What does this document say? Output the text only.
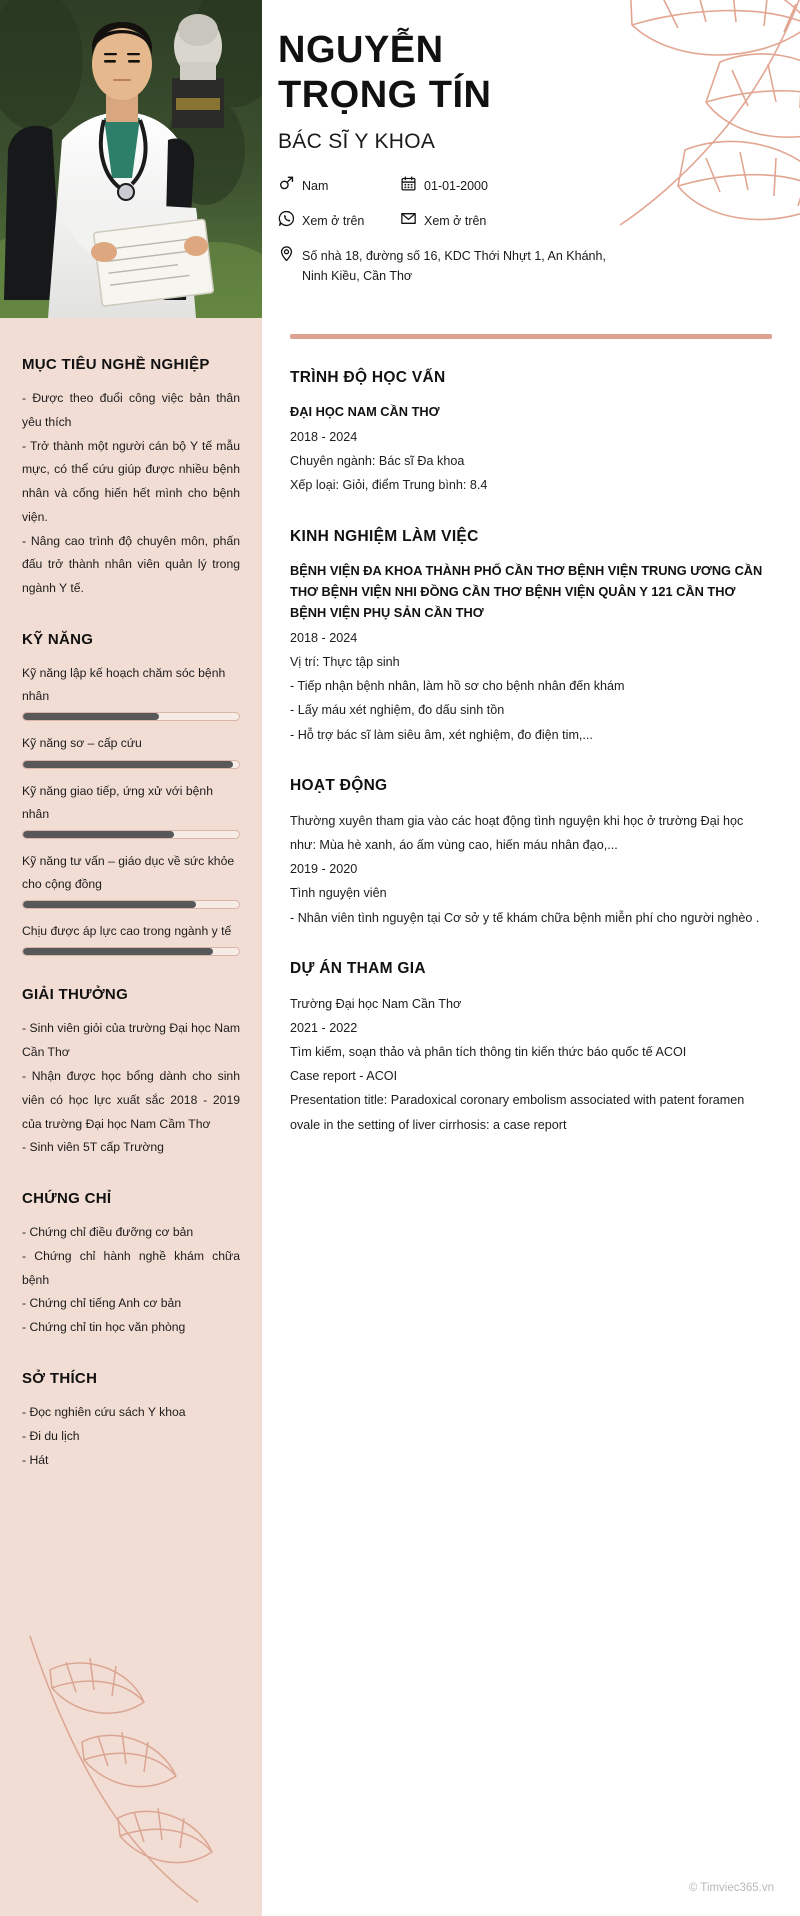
NGUYỄN
TRỌNG TÍN
BÁC SĨ Y KHOA
Nam	01-01-2000
Xem ở trên	Xem ở trên
Số nhà 18, đường số 16, KDC Thới Nhựt 1, An Khánh,
Ninh Kiều, Cần Thơ
MỤC TIÊU NGHỀ NGHIỆP
- Được theo đuổi công việc bản thân yêu thích
- Trở thành một người cán bộ Y tế mẫu mực, có thể cứu giúp được nhiều bệnh nhân và cống hiến hết mình cho bệnh viện.
- Nâng cao trình độ chuyên môn, phấn đấu trở thành nhân viên quản lý trong ngành Y tế.
KỸ NĂNG
Kỹ năng lập kế hoạch chăm sóc bệnh nhân
Kỹ năng sơ – cấp cứu
Kỹ năng giao tiếp, ứng xử với bệnh nhân
Kỹ năng tư vấn – giáo dục về sức khỏe cho cộng đồng
Chịu được áp lực cao trong ngành y tế
GIẢI THƯỞNG
- Sinh viên giỏi của trường Đại học Nam Cần Thơ
- Nhận được học bổng dành cho sinh viên có học lực xuất sắc 2018 - 2019 của trường Đại học Nam Cầm Thơ
- Sinh viên 5T cấp Trường
CHỨNG CHỈ
- Chứng chỉ điều đưỡng cơ bản
- Chứng chỉ hành nghề khám chữa bệnh
- Chứng chỉ tiếng Anh cơ bản
- Chứng chỉ tin học văn phòng
SỞ THÍCH
- Đọc nghiên cứu sách Y khoa
- Đi du lịch
- Hát
TRÌNH ĐỘ HỌC VẤN
ĐẠI HỌC NAM CẦN THƠ
2018 - 2024
Chuyên ngành: Bác sĩ Đa khoa
Xếp loại: Giỏi, điểm Trung bình: 8.4
KINH NGHIỆM LÀM VIỆC
BỆNH VIỆN ĐA KHOA THÀNH PHỐ CẦN THƠ BỆNH VIỆN TRUNG ƯƠNG CẦN THƠ BỆNH VIỆN NHI ĐỒNG CẦN THƠ BỆNH VIỆN QUÂN Y 121 CẦN THƠ BỆNH VIỆN PHỤ SẢN CẦN THƠ
2018 - 2024
Vị trí: Thực tập sinh
- Tiếp nhận bệnh nhân, làm hồ sơ cho bệnh nhân đến khám
- Lấy máu xét nghiệm, đo dấu sinh tồn
- Hỗ trợ bác sĩ làm siêu âm, xét nghiệm, đo điện tim,...
HOẠT ĐỘNG
Thường xuyên tham gia vào các hoạt động tình nguyện khi học ở trường Đại học như: Mùa hè xanh, áo ấm vùng cao, hiến máu nhân đạo,...
2019 - 2020
Tình nguyện viên
- Nhân viên tình nguyện tại Cơ sở y tế khám chữa bệnh miễn phí cho người nghèo .
DỰ ÁN THAM GIA
Trường Đại học Nam Cần Thơ
2021 - 2022
Tìm kiếm, soạn thảo và phân tích thông tin kiến thức báo quốc tế ACOI
Case report - ACOI
Presentation title: Paradoxical coronary embolism associated with patent foramen ovale in the setting of liver cirrhosis: a case report
© Timviec365.vn
